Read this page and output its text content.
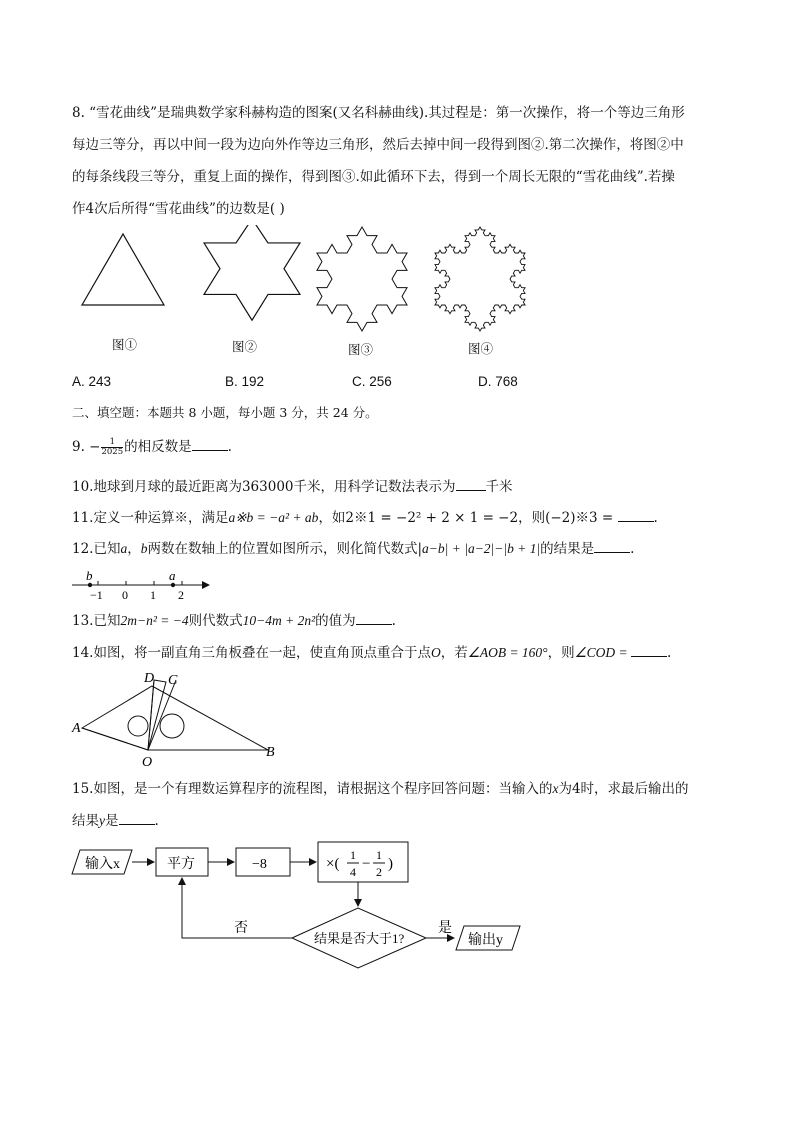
8. “雪花曲线”是瑞典数学家科赫构造的图案(又名科赫曲线).其过程是：第一次操作，将一个等边三角形
每边三等分，再以中间一段为边向外作等边三角形，然后去掉中间一段得到图②.第二次操作，将图②中
的每条线段三等分，重复上面的操作，得到图③.如此循环下去，得到一个周长无限的“雪花曲线”.若操
作4次后所得“雪花曲线”的边数是( )
图①	图②	图③	图④
A. 243	B. 192	C. 256	D. 768
二、填空题：本题共 8 小题，每小题 3 分，共 24 分。
9. − $\frac{1}{2025}$ 的相反数是	.
10.地球到月球的最近距离为363000千米，用科学记数法表示为 千米
11.定义一种运算※，满足a※b = −a² + ab，如2※1 = −2² + 2 × 1 = −2，则(−2)※3 =	.
12.已知a，b两数在数轴上的位置如图所示，则化简代数式|a−b| + |a−2|−|b + 1|的结果是	.
b	a
−1 0 1 2
13.已知2m−n² = −4则代数式10−4m + 2n²的值为	.
14.如图，将一副直角三角板叠在一起，使直角顶点重合于点O，若∠AOB = 160°，则∠COD =	.
D C
A
O
B
15.如图，是一个有理数运算程序的流程图，请根据这个程序回答问题：当输入的x为4时，求最后输出的
结果y是	.
输入x	平方	−8	×(
1
4 −
1
2 )
结果是否大于1?
否	是
输出y
